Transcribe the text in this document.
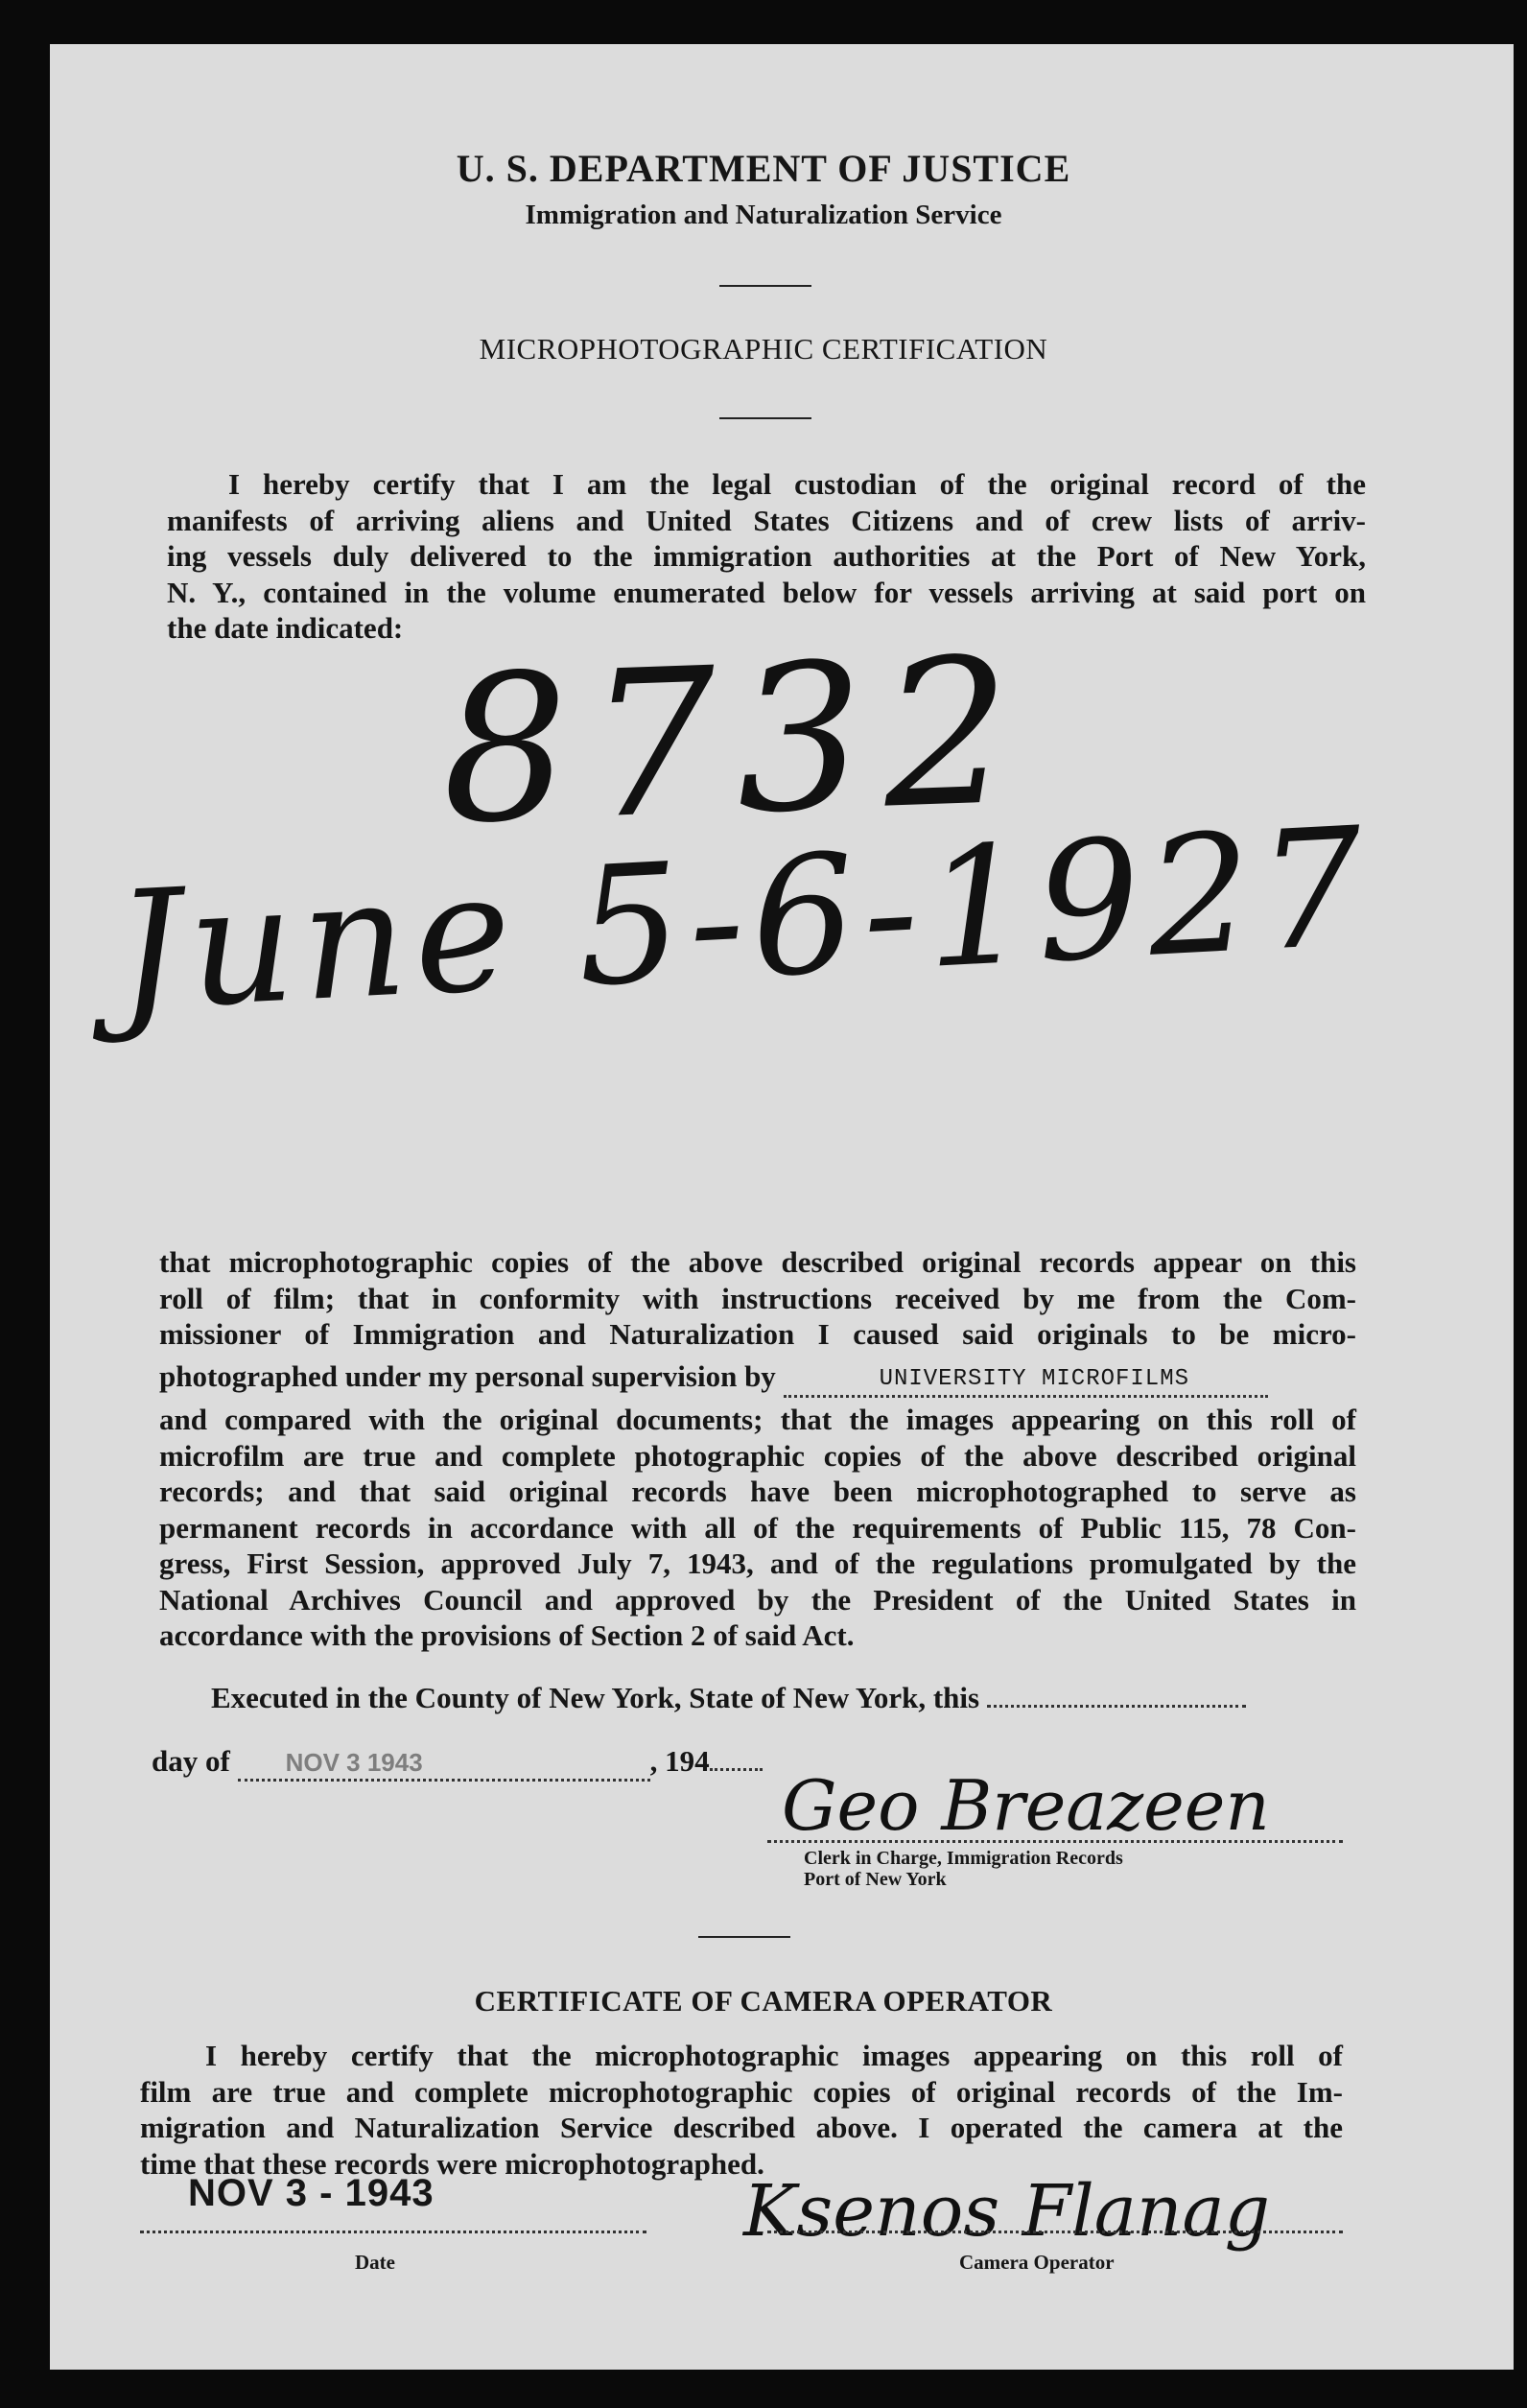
U. S. DEPARTMENT OF JUSTICE
Immigration and Naturalization Service
MICROPHOTOGRAPHIC CERTIFICATION
I hereby certify that I am the legal custodian of the original record of the
manifests of arriving aliens and United States Citizens and of crew lists of arriv-
ing vessels duly delivered to the immigration authorities at the Port of New York,
N. Y., contained in the volume enumerated below for vessels arriving at said port on
the date indicated: 8732
June 5-6-1927
that microphotographic copies of the above described original records appear on this
roll of film; that in conformity with instructions received by me from the Com-
missioner of Immigration and Naturalization I caused said originals to be micro-
photographed under my personal supervision by	UNIVERSITY MICROFILMS
and compared with the original documents; that the images appearing on this roll of
microfilm are true and complete photographic copies of the above described original
records; and that said original records have been microphotographed to serve as
permanent records in accordance with all of the requirements of Public 115, 78 Con-
gress, First Session, approved July 7, 1943, and of the regulations promulgated by the
National Archives Council and approved by the President of the United States in
accordance with the provisions of Section 2 of said Act.
Executed in the County of New York, State of New York, this
day of NOV 3 1943	, 194
Geo Breazeen
Clerk in Charge, Immigration Records
Port of New York
CERTIFICATE OF CAMERA OPERATOR
I hereby certify that the microphotographic images appearing on this roll of
film are true and complete microphotographic copies of original records of the Im-
migration and Naturalization Service described above. I operated the camera at the
time that these records were microphotographed.
NOV 3 - 1943
Date
Ksenos Flanag
Camera Operator
